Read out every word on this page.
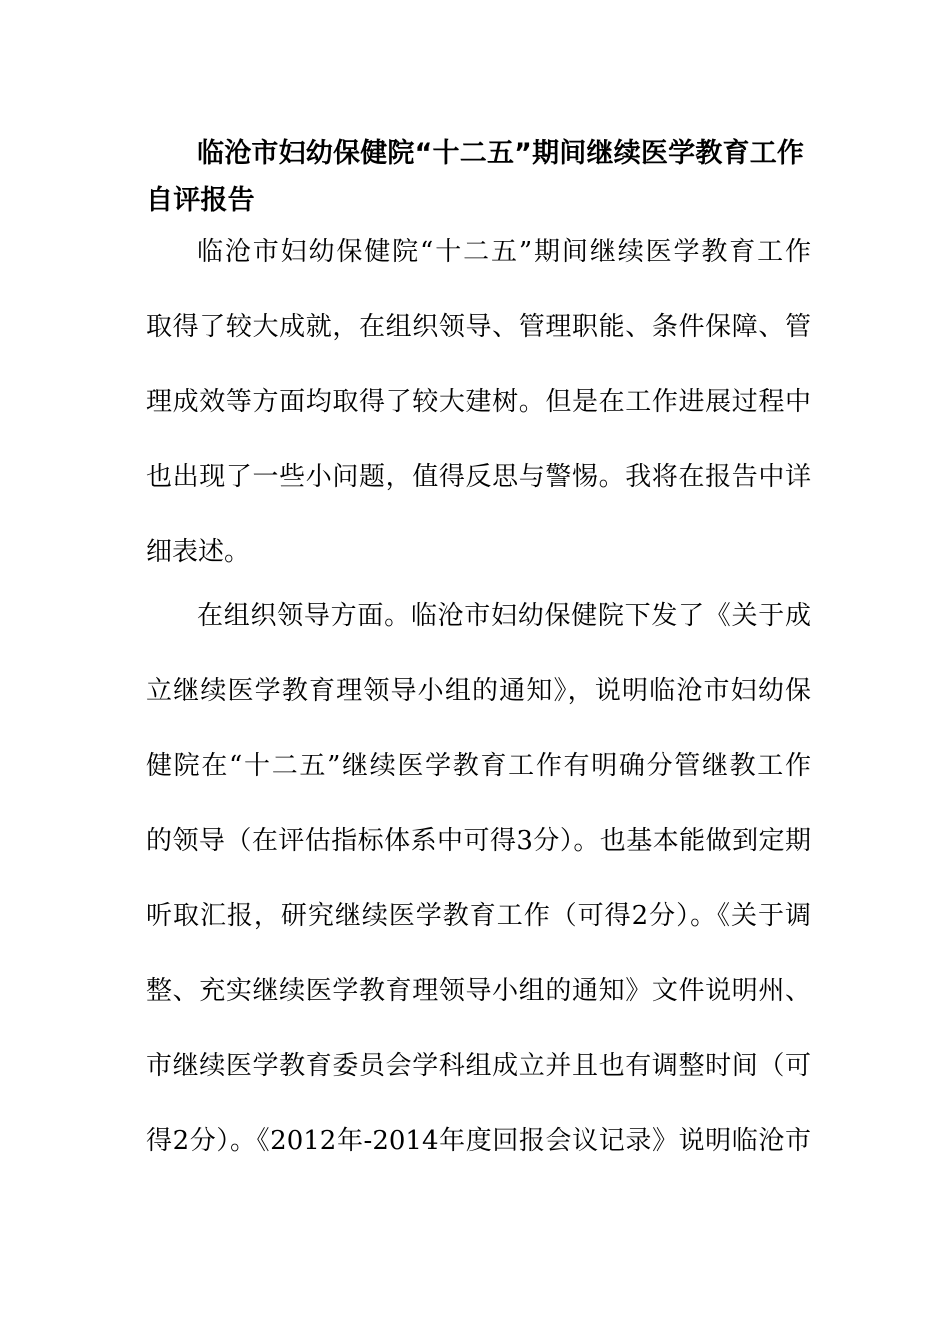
临沧市妇幼保健院“十二五”期间继续医学教育工作
自评报告
临沧市妇幼保健院“十二五”期间继续医学教育工作
取得了较大成就，在组织领导、管理职能、条件保障、管
理成效等方面均取得了较大建树。但是在工作进展过程中
也出现了一些小问题，值得反思与警惕。我将在报告中详
细表述。
在组织领导方面。临沧市妇幼保健院下发了《关于成
立继续医学教育理领导小组的通知》，说明临沧市妇幼保
健院在“十二五”继续医学教育工作有明确分管继教工作
的领导（在评估指标体系中可得3分）。也基本能做到定期
听取汇报，研究继续医学教育工作（可得2分）。《关于调
整、充实继续医学教育理领导小组的通知》文件说明州、
市继续医学教育委员会学科组成立并且也有调整时间（可
得2分）。《2012年-2014年度回报会议记录》说明临沧市
